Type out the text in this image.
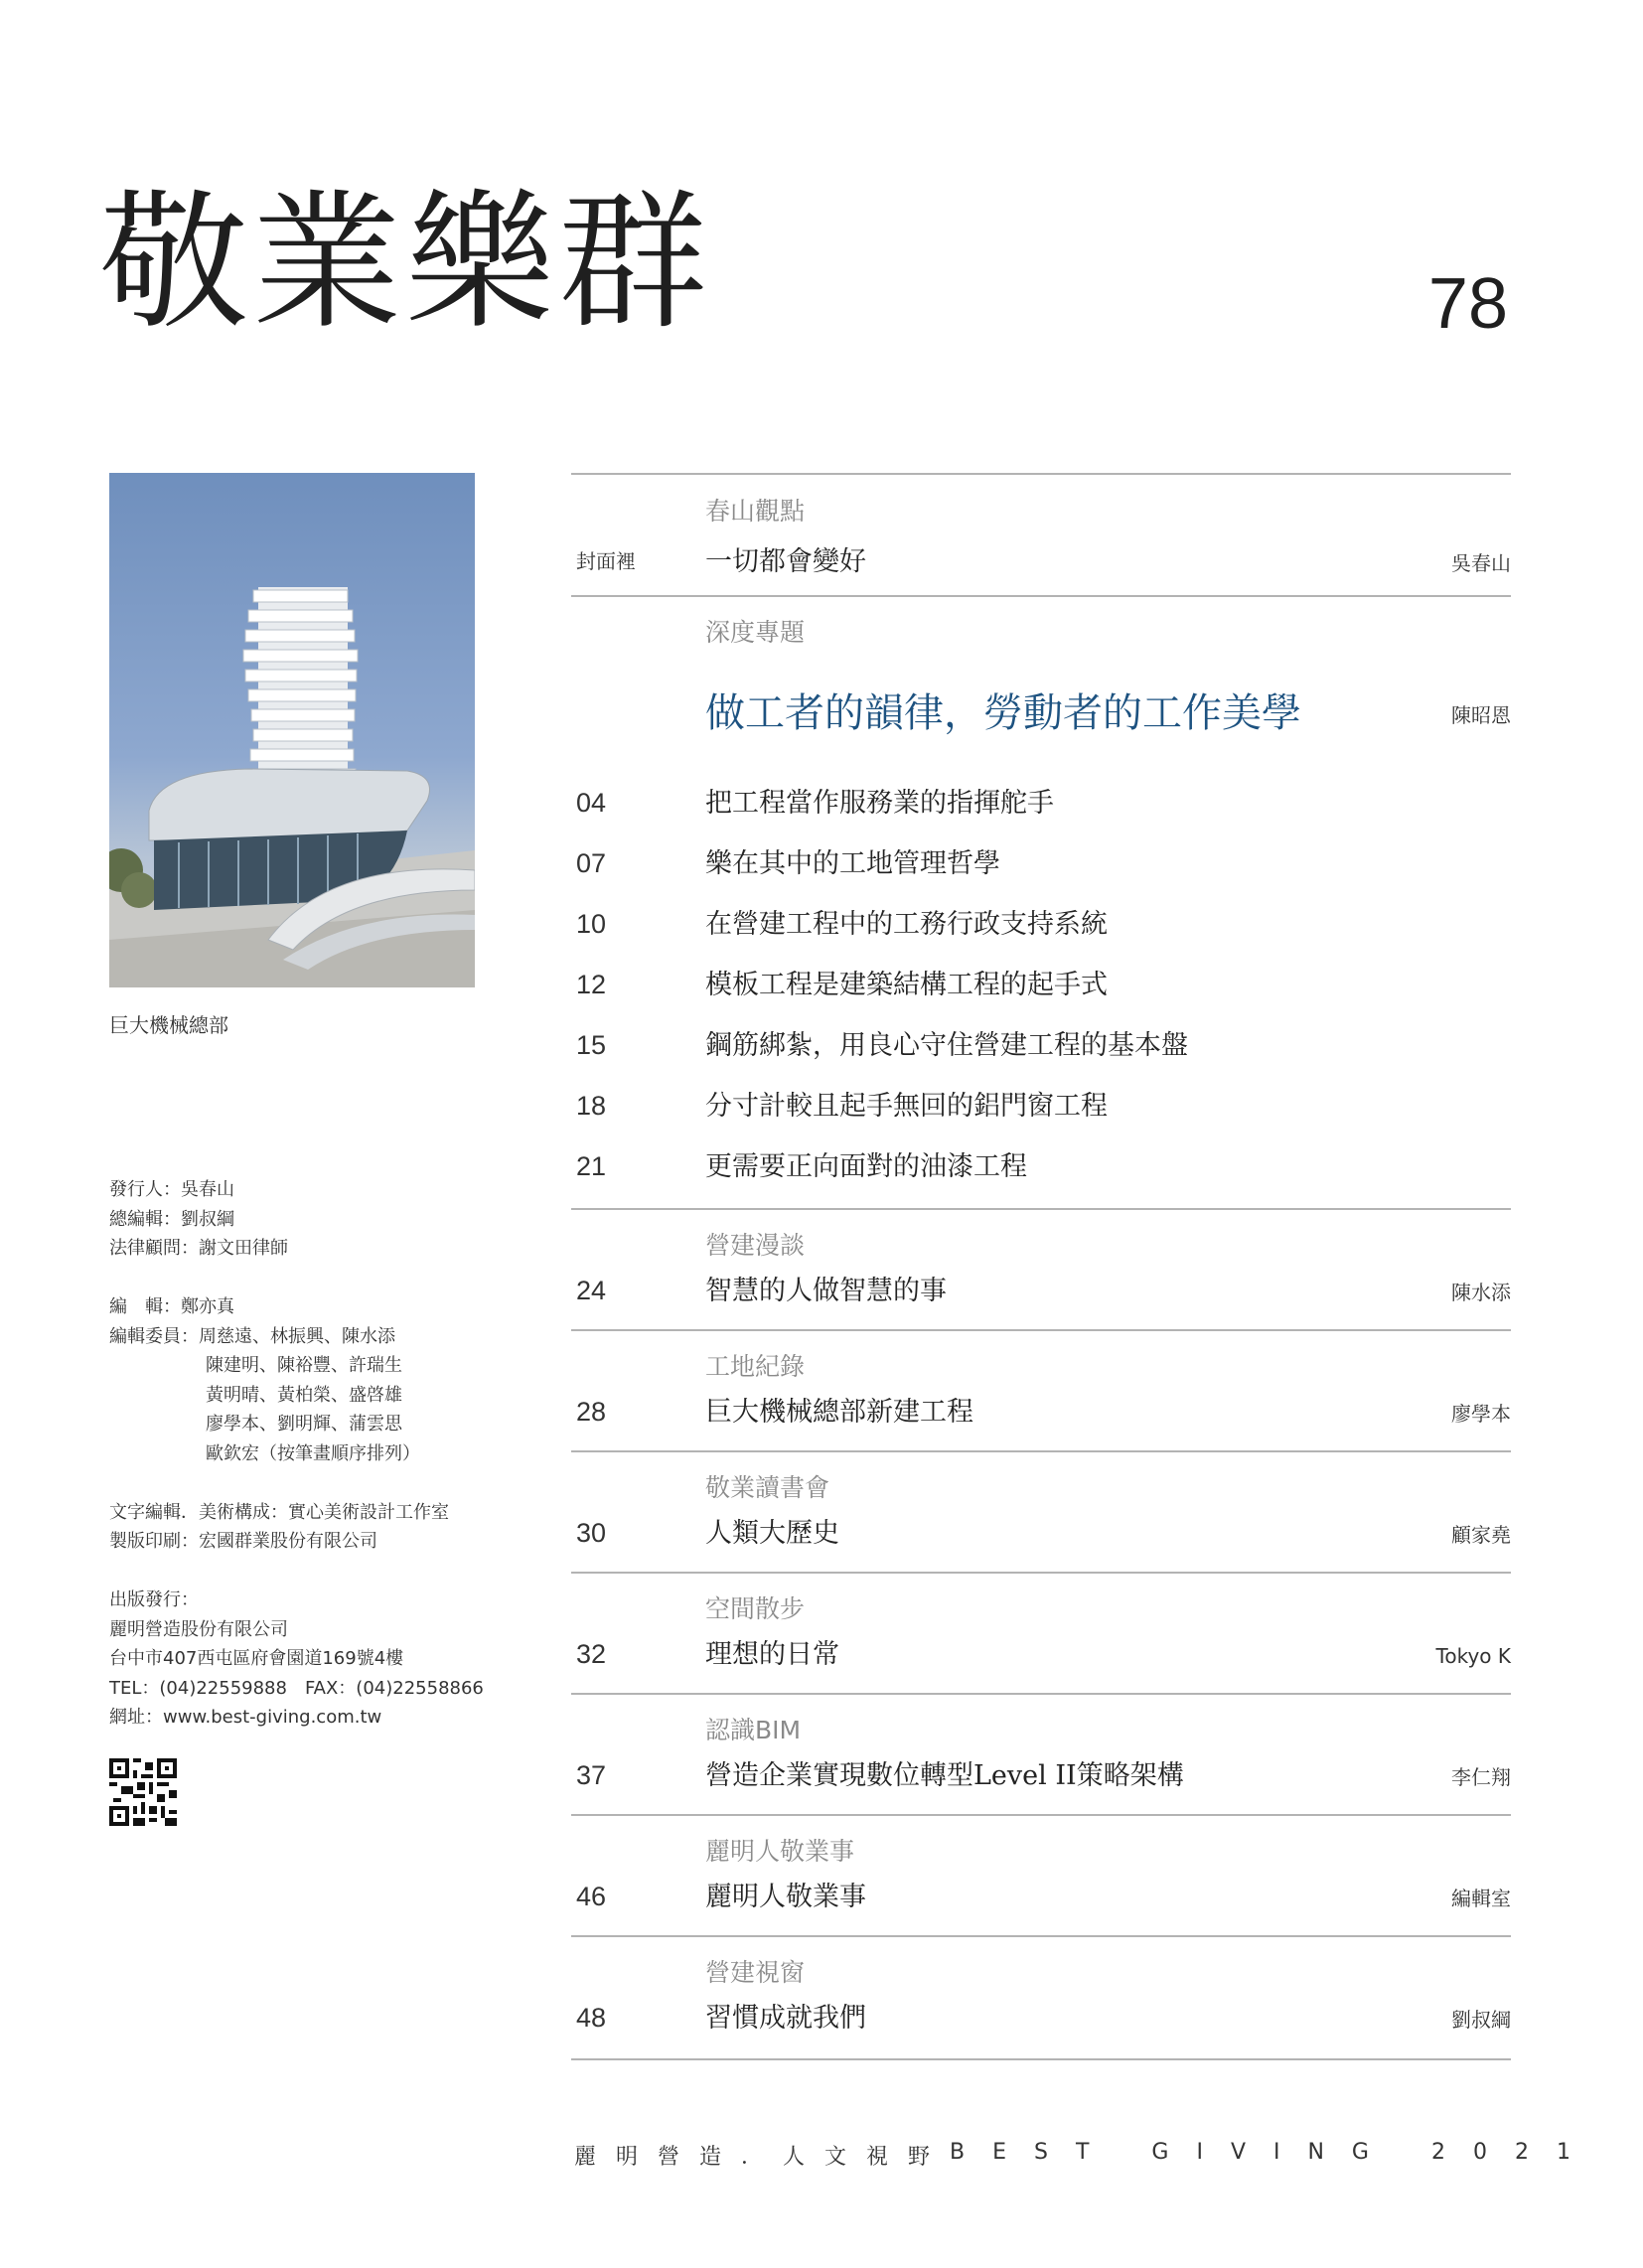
敬業樂群	78
巨大機械總部
發行人：吳春山
總編輯：劉叔綱
法律顧問：謝文田律師
編　輯：鄭亦真
編輯委員：周慈遠、林振興、陳水添
陳建明、陳裕豐、許瑞生
黃明晴、黃柏榮、盛啓雄
廖學本、劉明輝、蒲雲思
歐欽宏（按筆畫順序排列）
文字編輯．美術構成：實心美術設計工作室
製版印刷：宏國群業股份有限公司
出版發行：
麗明營造股份有限公司
台中市407西屯區府會園道169號4樓
TEL：(04)22559888　FAX：(04)22558866
網址：www.best-giving.com.tw
春山觀點
封面裡	一切都會變好	吳春山
深度專題
做工者的韻律，勞動者的工作美學	陳昭恩
04	把工程當作服務業的指揮舵手
07	樂在其中的工地管理哲學
10	在營建工程中的工務行政支持系統
12	模板工程是建築結構工程的起手式
15	鋼筋綁紮，用良心守住營建工程的基本盤
18	分寸計較且起手無回的鋁門窗工程
21	更需要正向面對的油漆工程
營建漫談
24	智慧的人做智慧的事	陳水添
工地紀錄
28	巨大機械總部新建工程	廖學本
敬業讀書會
30	人類大歷史	顧家堯
空間散步
32	理想的日常	Tokyo K
認識BIM
37	營造企業實現數位轉型Level II策略架構	李仁翔
麗明人敬業事
46	麗明人敬業事	編輯室
營建視窗
48	習慣成就我們	劉叔綱
麗明營造．人文視野 BEST GIVING 2021
